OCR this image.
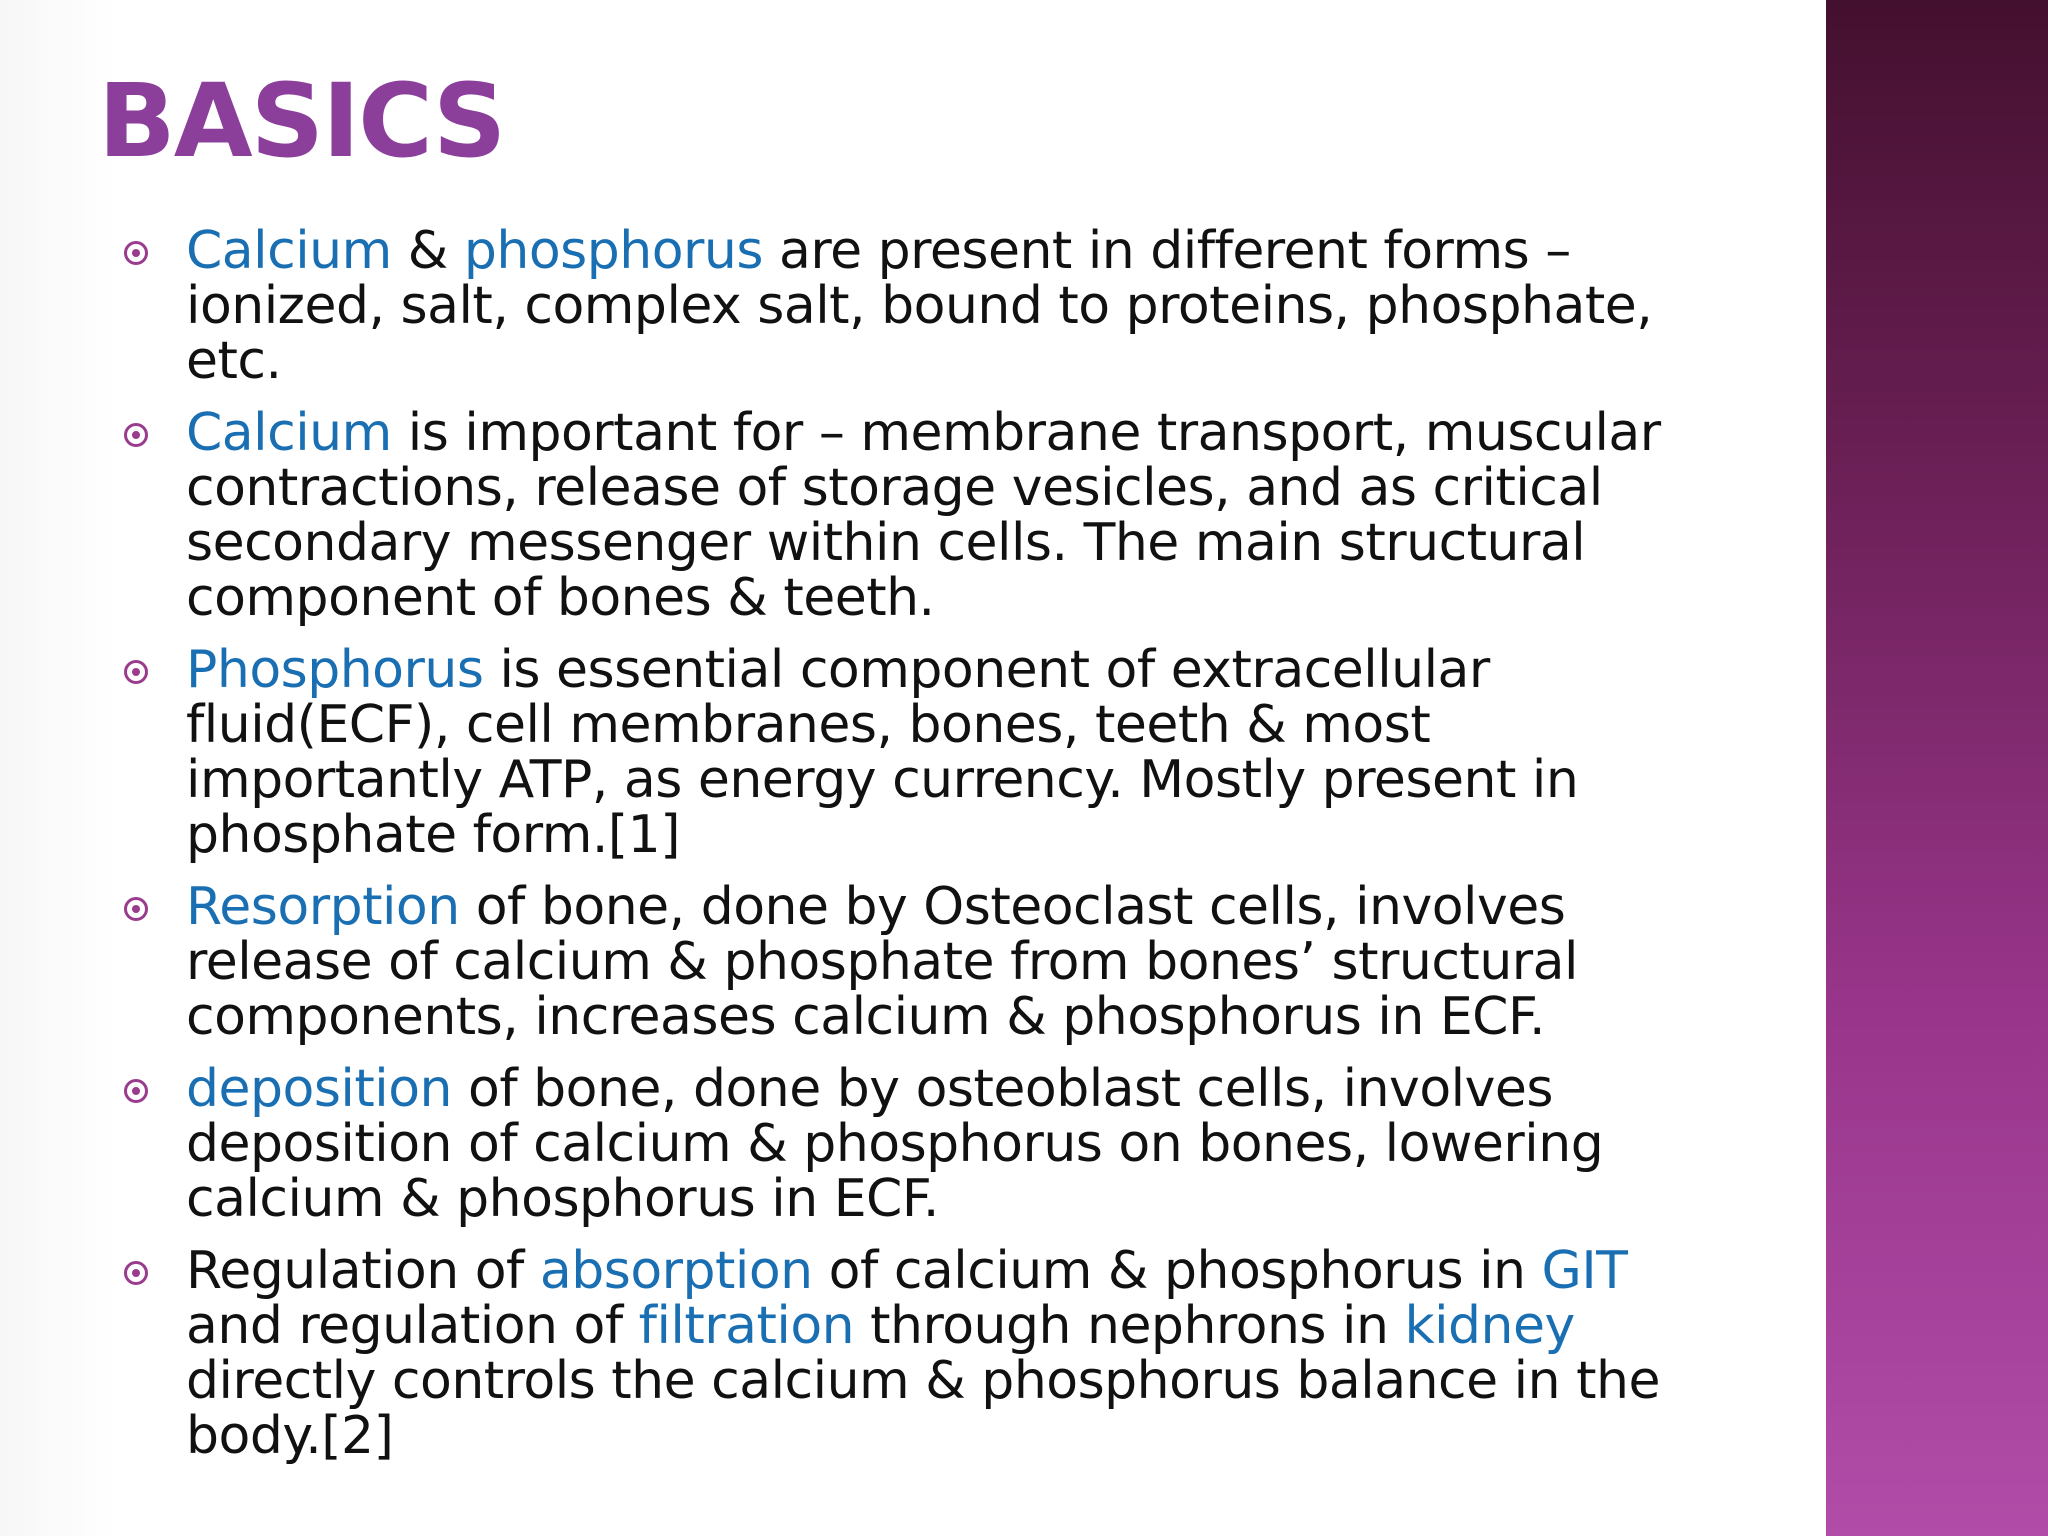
BASICS
Calcium & phosphorus are present in different forms – ionized, salt, complex salt, bound to proteins, phosphate, etc.
Calcium is important for – membrane transport, muscular contractions, release of storage vesicles, and as critical secondary messenger within cells. The main structural component of bones & teeth.
Phosphorus is essential component of extracellular fluid(ECF), cell membranes, bones, teeth & most importantly ATP, as energy currency. Mostly present in phosphate form.[1]
Resorption of bone, done by Osteoclast cells, involves release of calcium & phosphate from bones’ structural components, increases calcium & phosphorus in ECF.
deposition of bone, done by osteoblast cells, involves deposition of calcium & phosphorus on bones, lowering calcium & phosphorus in ECF.
Regulation of absorption of calcium & phosphorus in GIT and regulation of filtration through nephrons in kidney directly controls the calcium & phosphorus balance in the body.[2]
